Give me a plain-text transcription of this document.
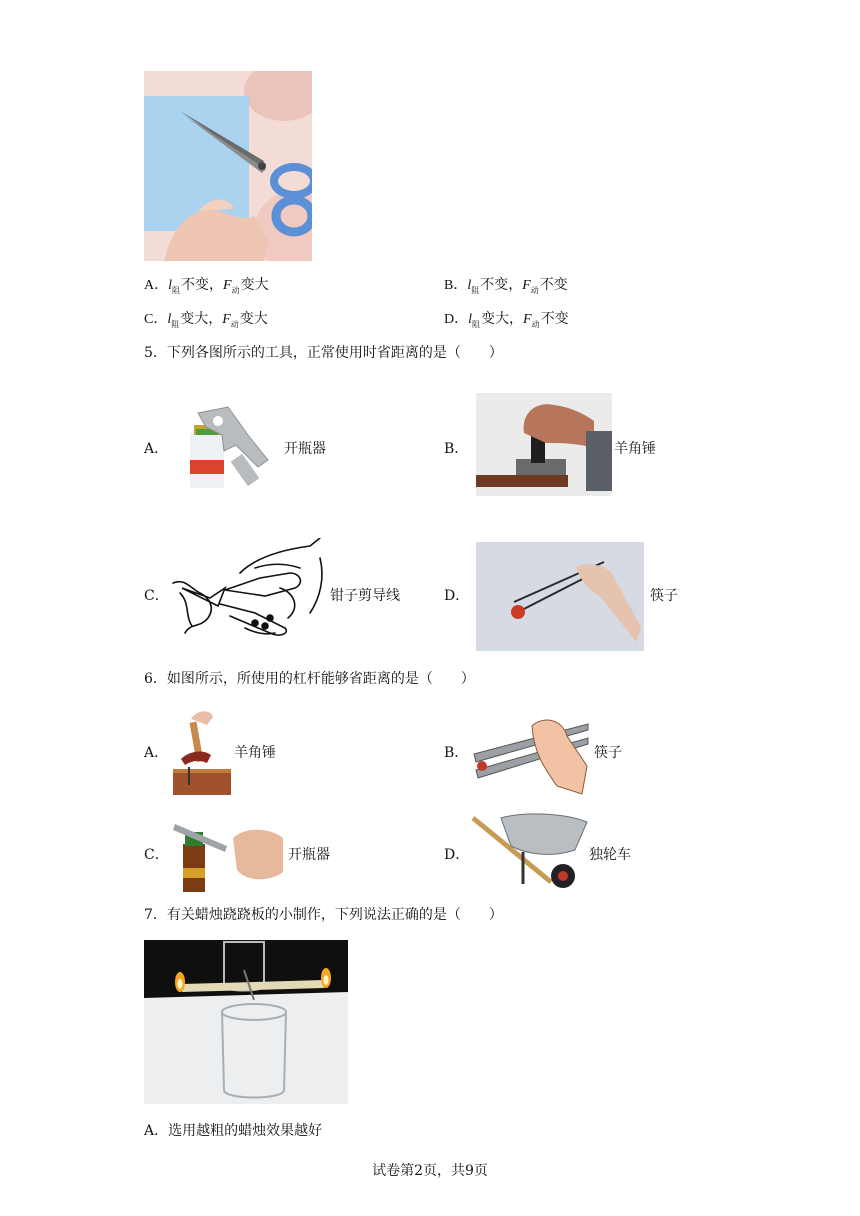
A．$l_阻$不变，$F_动$变大	B．$l_阻$不变，$F_动$不变
C．$l_阻$变大，$F_动$变大	D．$l_阻$变大，$F_动$不变
5．下列各图所示的工具，正常使用时省距离的是（　　）
A．	开瓶器	B．	羊角锤
C．	钳子剪导线	D．	筷子
6．如图所示，所使用的杠杆能够省距离的是（　　）
A．	羊角锤	B．	筷子
C．	开瓶器	D．	独轮车
7．有关蜡烛跷跷板的小制作，下列说法正确的是（　　）
A．选用越粗的蜡烛效果越好
试卷第2页，共9页
